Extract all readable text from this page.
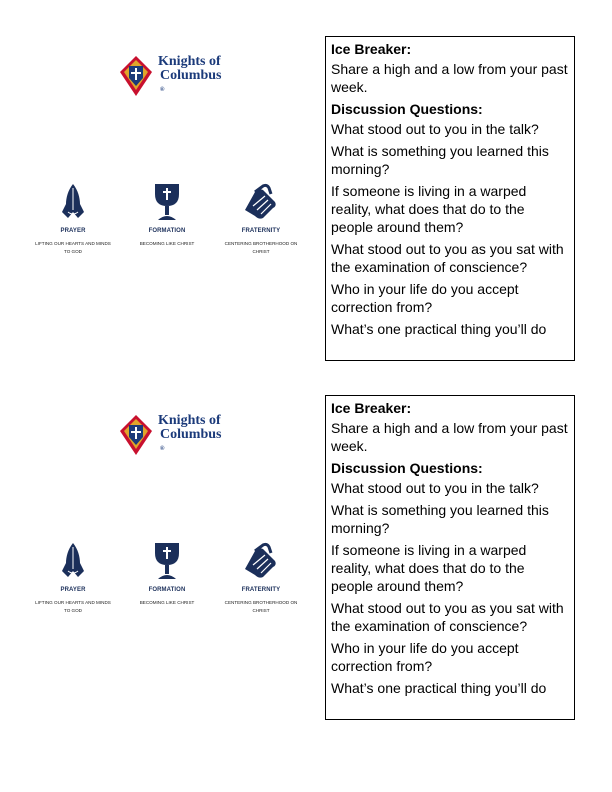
Knights of
Columbus
®
PRAYER
LIFTING OUR HEARTS AND MINDS TO GOD
FORMATION
BECOMING LIKE CHRIST
FRATERNITY
CENTERING BROTHERHOOD ON CHRIST
Ice Breaker:
Share a high and a low from your past week.
Discussion Questions:
What stood out to you in the talk?
What is something you learned this morning?
If someone is living in a warped reality, what does that do to the people around them?
What stood out to you as you sat with the examination of conscience?
Who in your life do you accept correction from?
What’s one practical thing you’ll do
Knights of
Columbus
®
PRAYER
LIFTING OUR HEARTS AND MINDS TO GOD
FORMATION
BECOMING LIKE CHRIST
FRATERNITY
CENTERING BROTHERHOOD ON CHRIST
Ice Breaker:
Share a high and a low from your past week.
Discussion Questions:
What stood out to you in the talk?
What is something you learned this morning?
If someone is living in a warped reality, what does that do to the people around them?
What stood out to you as you sat with the examination of conscience?
Who in your life do you accept correction from?
What’s one practical thing you’ll do
